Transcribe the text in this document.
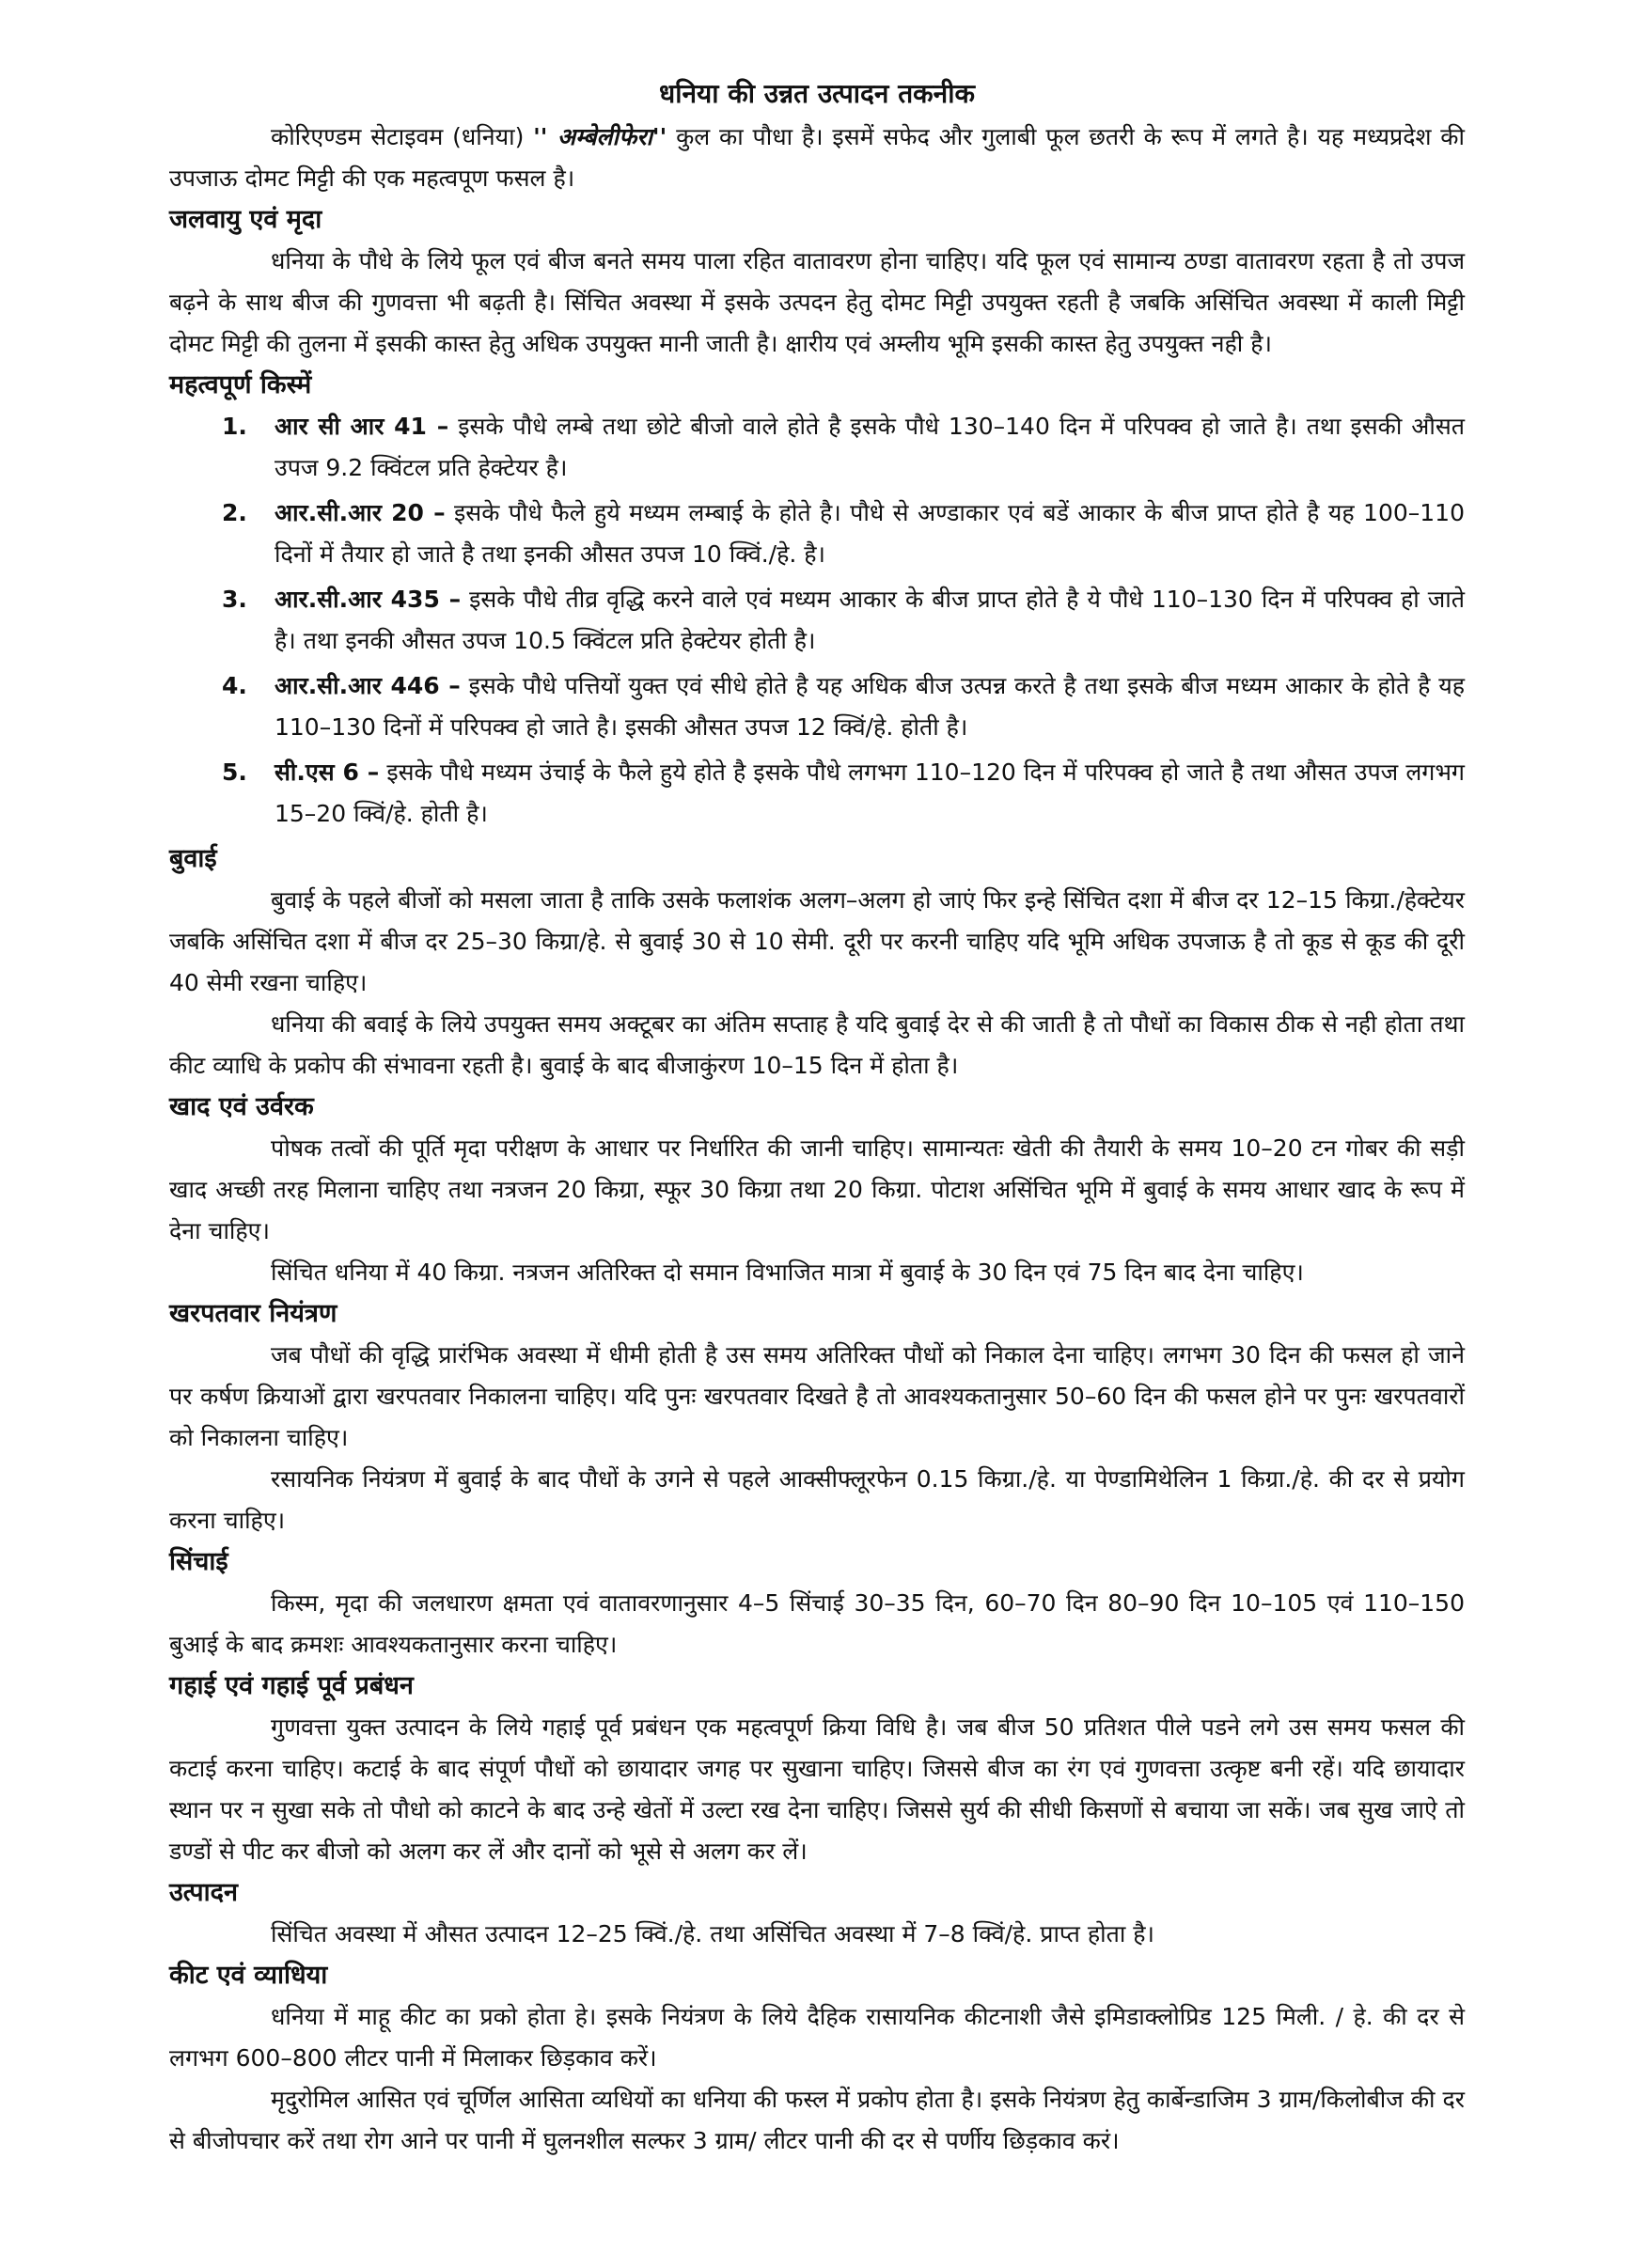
धनिया की उन्नत उत्पादन तकनीक

कोरिएण्डम सेटाइवम (धनिया) '' अम्बेलीफेरा'' कुल का पौधा है। इसमें सफेद और गुलाबी फूल छतरी के रूप में लगते है। यह मध्यप्रदेश की उपजाऊ दोमट मिट्टी की एक महत्वपूण फसल है।

जलवायु एवं मृदा

धनिया के पौधे के लिये फूल एवं बीज बनते समय पाला रहित वातावरण होना चाहिए। यदि फूल एवं सामान्य ठण्डा वातावरण रहता है तो उपज बढ़ने के साथ बीज की गुणवत्ता भी बढ़ती है। सिंचित अवस्था में इसके उत्पदन हेतु दोमट मिट्टी उपयुक्त रहती है जबकि असिंचित अवस्था में काली मिट्टी दोमट मिट्टी की तुलना में इसकी कास्त हेतु अधिक उपयुक्त मानी जाती है। क्षारीय एवं अम्लीय भूमि इसकी कास्त हेतु उपयुक्त नही है।

महत्वपूर्ण किस्में
1. आर सी आर 41 – इसके पौधे लम्बे तथा छोटे बीजो वाले होते है इसके पौधे 130–140 दिन में परिपक्व हो जाते है। तथा इसकी औसत उपज 9.2 क्विंटल प्रति हेक्टेयर है।
2. आर.सी.आर 20 – इसके पौधे फैले हुये मध्यम लम्बाई के होते है। पौधे से अण्डाकार एवं बडें आकार के बीज प्राप्त होते है यह 100–110 दिनों में तैयार हो जाते है तथा इनकी औसत उपज 10 क्विं./हे. है।
3. आर.सी.आर 435 – इसके पौधे तीव्र वृद्धि करने वाले एवं मध्यम आकार के बीज प्राप्त होते है ये पौधे 110–130 दिन में परिपक्व हो जाते है। तथा इनकी औसत उपज 10.5 क्विंटल प्रति हेक्टेयर होती है।
4. आर.सी.आर 446 – इसके पौधे पत्तियों युक्त एवं सीधे होते है यह अधिक बीज उत्पन्न करते है तथा इसके बीज मध्यम आकार के होते है यह 110–130 दिनों में परिपक्व हो जाते है। इसकी औसत उपज 12 क्विं/हे. होती है।
5. सी.एस 6 – इसके पौधे मध्यम उंचाई के फैले हुये होते है इसके पौधे लगभग 110–120 दिन में परिपक्व हो जाते है तथा औसत उपज लगभग 15–20 क्विं/हे. होती है।
बुवाई

बुवाई के पहले बीजों को मसला जाता है ताकि उसके फलाशंक अलग–अलग हो जाएं फिर इन्हे सिंचित दशा में बीज दर 12–15 किग्रा./हेक्टेयर जबकि असिंचित दशा में बीज दर 25–30 किग्रा/हे. से बुवाई 30 से 10 सेमी. दूरी पर करनी चाहिए यदि भूमि अधिक उपजाऊ है तो कूड से कूड की दूरी 40 सेमी रखना चाहिए।

धनिया की बवाई के लिये उपयुक्त समय अक्टूबर का अंतिम सप्ताह है यदि बुवाई देर से की जाती है तो पौधों का विकास ठीक से नही होता तथा कीट व्याधि के प्रकोप की संभावना रहती है। बुवाई के बाद बीजाकुंरण 10–15 दिन में होता है।

खाद एवं उर्वरक

पोषक तत्वों की पूर्ति मृदा परीक्षण के आधार पर निर्धारित की जानी चाहिए। सामान्यतः खेती की तैयारी के समय 10–20 टन गोबर की सड़ी खाद अच्छी तरह मिलाना चाहिए तथा नत्रजन 20 किग्रा, स्फूर 30 किग्रा तथा 20 किग्रा. पोटाश असिंचित भूमि में बुवाई के समय आधार खाद के रूप में देना चाहिए।

सिंचित धनिया में 40 किग्रा. नत्रजन अतिरिक्त दो समान विभाजित मात्रा में बुवाई के 30 दिन एवं 75 दिन बाद देना चाहिए।

खरपतवार नियंत्रण

जब पौधों की वृद्धि प्रारंभिक अवस्था में धीमी होती है उस समय अतिरिक्त पौधों को निकाल देना चाहिए। लगभग 30 दिन की फसल हो जाने पर कर्षण क्रियाओं द्वारा खरपतवार निकालना चाहिए। यदि पुनः खरपतवार दिखते है तो आवश्यकतानुसार 50–60 दिन की फसल होने पर पुनः खरपतवारों को निकालना चाहिए।

रसायनिक नियंत्रण में बुवाई के बाद पौधों के उगने से पहले आक्सीफ्लूरफेन 0.15 किग्रा./हे. या पेण्डामिथेलिन 1 किग्रा./हे. की दर से प्रयोग करना चाहिए।

सिंचाई

किस्म, मृदा की जलधारण क्षमता एवं वातावरणानुसार 4–5 सिंचाई 30–35 दिन, 60–70 दिन 80–90 दिन 10–105 एवं 110–150 बुआई के बाद क्रमशः आवश्यकतानुसार करना चाहिए।

गहाई एवं गहाई पूर्व प्रबंधन

गुणवत्ता युक्त उत्पादन के लिये गहाई पूर्व प्रबंधन एक महत्वपूर्ण क्रिया विधि है। जब बीज 50 प्रतिशत पीले पडने लगे उस समय फसल की कटाई करना चाहिए। कटाई के बाद संपूर्ण पौधों को छायादार जगह पर सुखाना चाहिए। जिससे बीज का रंग एवं गुणवत्ता उत्कृष्ट बनी रहें। यदि छायादार स्थान पर न सुखा सके तो पौधो को काटने के बाद उन्हे खेतों में उल्टा रख देना चाहिए। जिससे सुर्य की सीधी किसणों से बचाया जा सकें। जब सुख जाऐ तो डण्डों से पीट कर बीजो को अलग कर लें और दानों को भूसे से अलग कर लें।

उत्पादन

सिंचित अवस्था में औसत उत्पादन 12–25 क्विं./हे. तथा असिंचित अवस्था में 7–8 क्विं/हे. प्राप्त होता है।

कीट एवं व्याधिया

धनिया में माहू कीट का प्रको होता हे। इसके नियंत्रण के लिये दैहिक रासायनिक कीटनाशी जैसे इमिडाक्लोप्रिड 125 मिली. / हे. की दर से लगभग 600–800 लीटर पानी में मिलाकर छिड़काव करें।

मृदुरोमिल आसित एवं चूर्णिल आसिता व्यधियों का धनिया की फस्ल में प्रकोप होता है। इसके नियंत्रण हेतु कार्बेन्डाजिम 3 ग्राम/किलोबीज की दर से बीजोपचार करें तथा रोग आने पर पानी में घुलनशील सल्फर 3 ग्राम/ लीटर पानी की दर से पर्णीय छिड़काव करं।
